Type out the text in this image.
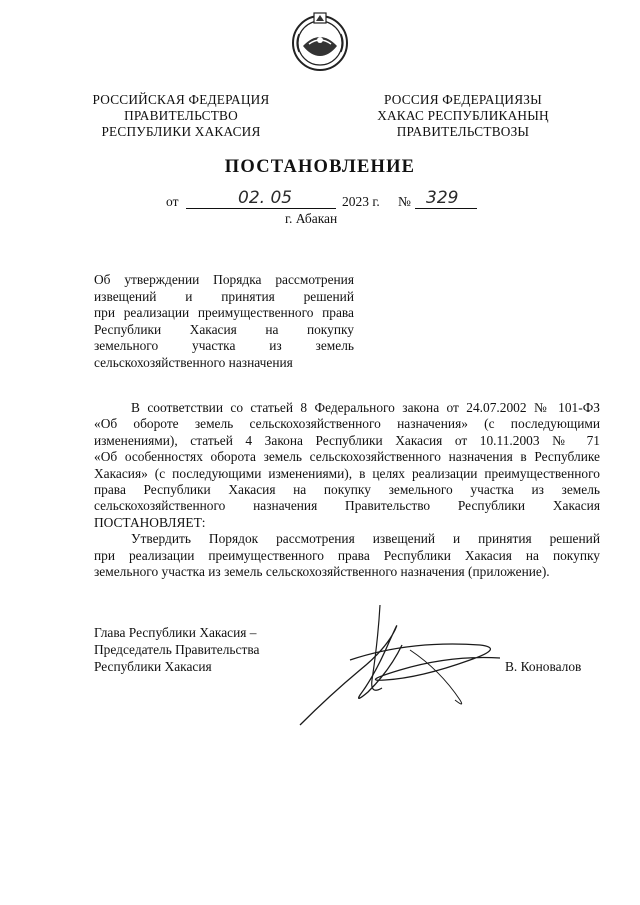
РОССИЙСКАЯ ФЕДЕРАЦИЯ
ПРАВИТЕЛЬСТВО
РЕСПУБЛИКИ ХАКАСИЯ
РОССИЯ ФЕДЕРАЦИЯЗЫ
ХАКАС РЕСПУБЛИКАНЫҢ
ПРАВИТЕЛЬСТВОЗЫ
ПОСТАНОВЛЕНИЕ
от	02. 05	2023 г. № 329
г. Абакан
Об утверждении Порядка рассмотрения
извещений и принятия решений
при реализации преимущественного права
Республики Хакасия на покупку
земельного участка из земель
сельскохозяйственного назначения
В соответствии со статьей 8 Федерального закона от 24.07.2002 № 101-ФЗ
«Об обороте земель сельскохозяйственного назначения» (с последующими
изменениями), статьей 4 Закона Республики Хакасия от 10.11.2003 № 71
«Об особенностях оборота земель сельскохозяйственного назначения в Республике
Хакасия» (с последующими изменениями), в целях реализации преимущественного
права Республики Хакасия на покупку земельного участка из земель
сельскохозяйственного назначения Правительство Республики Хакасия
ПОСТАНОВЛЯЕТ:
Утвердить Порядок рассмотрения извещений и принятия решений
при реализации преимущественного права Республики Хакасия на покупку
земельного участка из земель сельскохозяйственного назначения (приложение).
Глава Республики Хакасия –
Председатель Правительства
Республики Хакасия	В. Коновалов
